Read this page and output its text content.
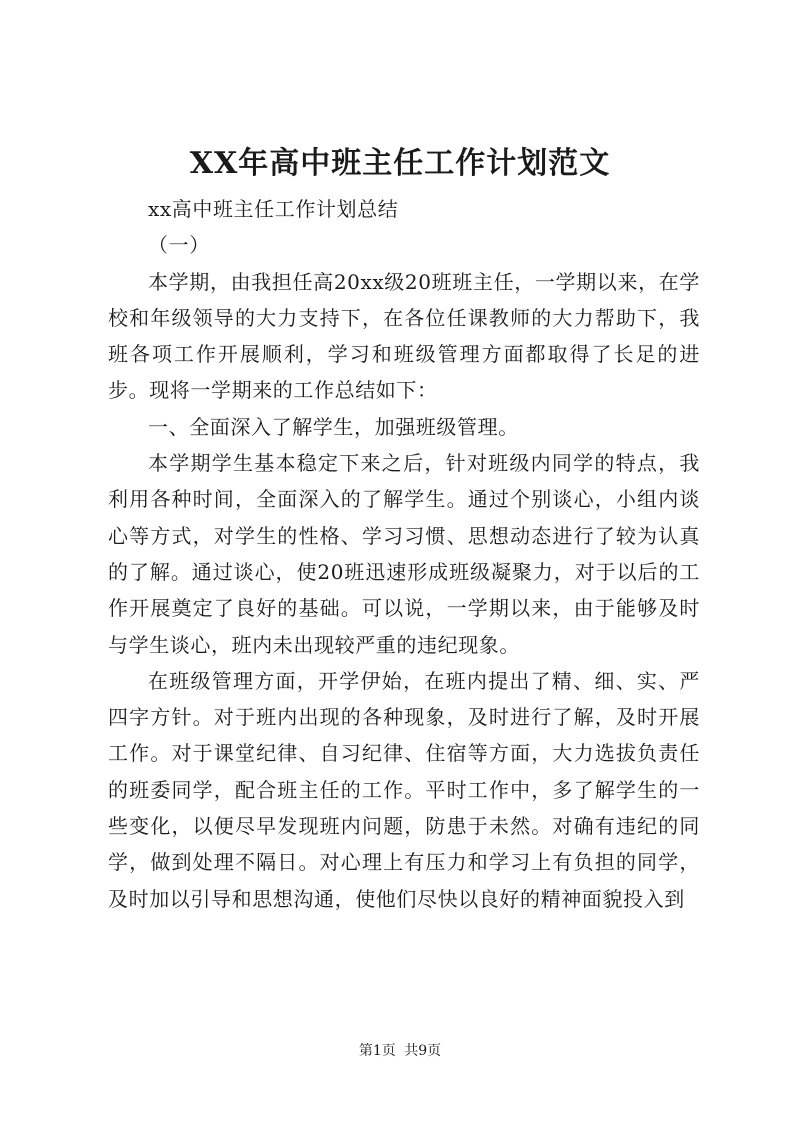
XX年高中班主任工作计划范文

xx高中班主任工作计划总结

（一）

本学期，由我担任高20xx级20班班主任，一学期以来，在学校和年级领导的大力支持下，在各位任课教师的大力帮助下，我班各项工作开展顺利，学习和班级管理方面都取得了长足的进步。现将一学期来的工作总结如下：

一、全面深入了解学生，加强班级管理。

本学期学生基本稳定下来之后，针对班级内同学的特点，我利用各种时间，全面深入的了解学生。通过个别谈心，小组内谈心等方式，对学生的性格、学习习惯、思想动态进行了较为认真的了解。通过谈心，使20班迅速形成班级凝聚力，对于以后的工作开展奠定了良好的基础。可以说，一学期以来，由于能够及时与学生谈心，班内未出现较严重的违纪现象。

在班级管理方面，开学伊始，在班内提出了精、细、实、严四字方针。对于班内出现的各种现象，及时进行了解，及时开展工作。对于课堂纪律、自习纪律、住宿等方面，大力选拔负责任的班委同学，配合班主任的工作。平时工作中，多了解学生的一些变化，以便尽早发现班内问题，防患于未然。对确有违纪的同学，做到处理不隔日。对心理上有压力和学习上有负担的同学，及时加以引导和思想沟通，使他们尽快以良好的精神面貌投入到

第1页 共9页
